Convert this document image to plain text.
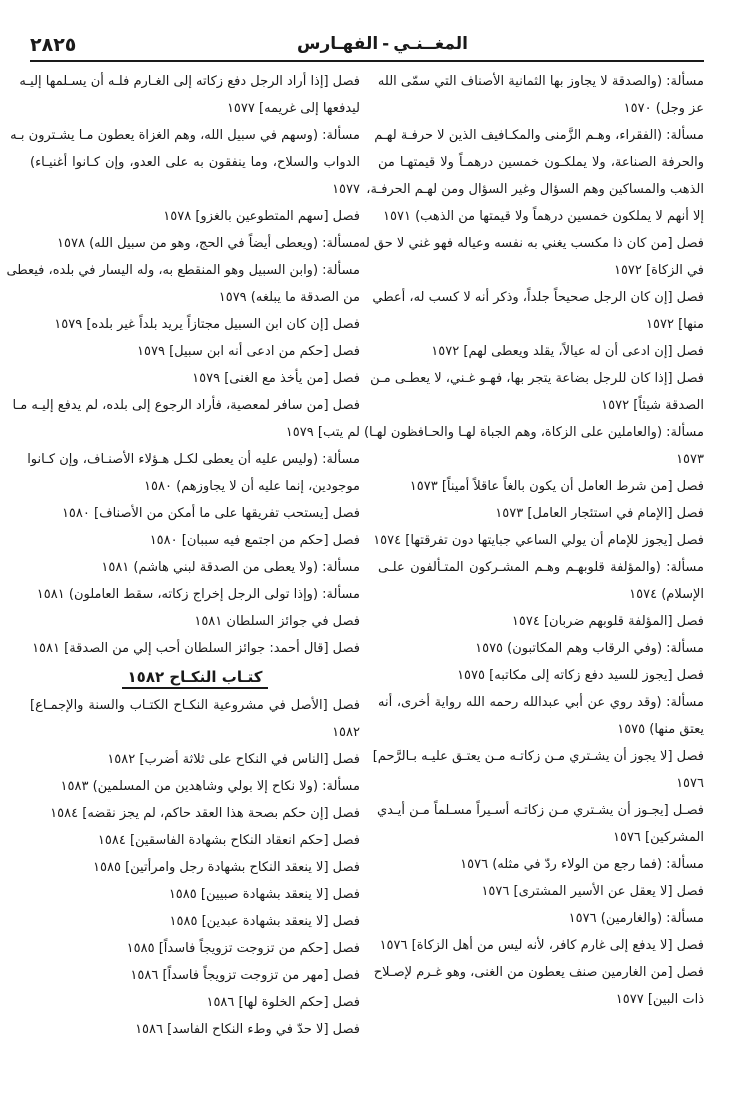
المغــنـي-الفهـارس
٢٨٢٥
مسألة: (والصدقة لا يجاوز بها الثمانية الأصناف التي سمّى الله
عز وجل) ١٥٧٠
مسألة: (الفقراء، وهـم الزَّمنى والمكـافيف الذين لا حرفـة لهـم
والحرفة الصناعة، ولا يملكـون خمسين درهمـاً ولا قيمتهـا من
الذهب والمساكين وهم السؤال وغير السؤال ومن لهـم الحرفـة،
إلا أنهم لا يملكون خمسين درهماً ولا قيمتها من الذهب) ١٥٧١
فصل [من كان ذا مكسب يغني به نفسه وعياله فهو غني لا حق له
في الزكاة] ١٥٧٢
فصل [إن كان الرجل صحيحاً جلداً، وذكر أنه لا كسب له، أعطي
منها] ١٥٧٢
فصل [إن ادعى أن له عيالاً، يقلد ويعطى لهم] ١٥٧٢
فصل [إذا كان للرجل بضاعة يتجر بها، فهـو غـني، لا يعطـى مـن
الصدقة شيئاً] ١٥٧٢
مسألة: (والعاملين على الزكاة، وهم الجباة لهـا والحـافظون لهـا)
١٥٧٣
فصل [من شرط العامل أن يكون بالغاً عاقلاً أميناً] ١٥٧٣
فصل [الإمام في استئجار العامل] ١٥٧٣
فصل [يجوز للإمام أن يولي الساعي جبايتها دون تفرقتها] ١٥٧٤
مسألة: (والمؤلفة قلوبهـم وهـم المشـركون المتـألفون علـى
الإسلام) ١٥٧٤
فصل [المؤلفة قلوبهم ضربان] ١٥٧٤
مسألة: (وفي الرقاب وهم المكاتبون) ١٥٧٥
فصل [يجوز للسيد دفع زكاته إلى مكاتبه] ١٥٧٥
مسألة: (وقد روي عن أبي عبدالله رحمه الله رواية أخرى، أنه
يعتق منها) ١٥٧٥
فصل [لا يجوز أن يشـتري مـن زكاتـه مـن يعتـق عليـه بـالرَّحم]
١٥٧٦
فصـل [يجـوز أن يشـتري مـن زكاتـه أسـيراً مسـلماً مـن أيـدي
المشركين] ١٥٧٦
مسألة: (فما رجع من الولاء ردّ في مثله) ١٥٧٦
فصل [لا يعقل عن الأسير المشترى] ١٥٧٦
مسألة: (والغارمين) ١٥٧٦
فصل [لا يدفع إلى غارم كافر، لأنه ليس من أهل الزكاة] ١٥٧٦
فصل [من الغارمين صنف يعطون من الغنى، وهو غـرم لإصـلاح
ذات البين] ١٥٧٧
فصل [إذا أراد الرجل دفع زكاته إلى الغـارم فلـه أن يسـلمها إليـه
ليدفعها إلى غريمه] ١٥٧٧
مسألة: (وسهم في سبيل الله، وهم الغزاة يعطون مـا يشـترون بـه
الدواب والسلاح، وما ينفقون به على العدو، وإن كـانوا أغنيـاء)
١٥٧٧
فصل [سهم المتطوعين بالغزو] ١٥٧٨
مسألة: (ويعطى أيضاً في الحج، وهو من سبيل الله) ١٥٧٨
مسألة: (وابن السبيل وهو المنقطع به، وله اليسار في بلده، فيعطى
من الصدقة ما يبلغه) ١٥٧٩
فصل [إن كان ابن السبيل مجتازاً يريد بلداً غير بلده] ١٥٧٩
فصل [حكم من ادعى أنه ابن سبيل] ١٥٧٩
فصل [من يأخذ مع الغنى] ١٥٧٩
فصل [من سافر لمعصية، فأراد الرجوع إلى بلده، لم يدفع إليـه مـا
لم يتب] ١٥٧٩
مسألة: (وليس عليه أن يعطى لكـل هـؤلاء الأصنـاف، وإن كـانوا
موجودين، إنما عليه أن لا يجاوزهم) ١٥٨٠
فصل [يستحب تفريقها على ما أمكن من الأصناف] ١٥٨٠
فصل [حكم من اجتمع فيه سببان] ١٥٨٠
مسألة: (ولا يعطى من الصدقة لبني هاشم) ١٥٨١
مسألة: (وإذا تولى الرجل إخراج زكاته، سقط العاملون) ١٥٨١
فصل في جوائز السلطان ١٥٨١
فصل [قال أحمد: جوائز السلطان أحب إلي من الصدقة] ١٥٨١
كتـاب النكـاح ١٥٨٢
فصل [الأصل في مشروعية النكـاح الكتـاب والسنة والإجمـاع]
١٥٨٢
فصل [الناس في النكاح على ثلاثة أضرب] ١٥٨٢
مسألة: (ولا نكاح إلا بولي وشاهدين من المسلمين) ١٥٨٣
فصل [إن حكم بصحة هذا العقد حاكم، لم يجز نقضه] ١٥٨٤
فصل [حكم انعقاد النكاح بشهادة الفاسقين] ١٥٨٤
فصل [لا ينعقد النكاح بشهادة رجل وامرأتين] ١٥٨٥
فصل [لا ينعقد بشهادة صبيين] ١٥٨٥
فصل [لا ينعقد بشهادة عبدين] ١٥٨٥
فصل [حكم من تزوجت تزويجاً فاسداً] ١٥٨٥
فصل [مهر من تزوجت تزويجاً فاسداً] ١٥٨٦
فصل [حكم الخلوة لها] ١٥٨٦
فصل [لا حدّ في وطء النكاح الفاسد] ١٥٨٦
